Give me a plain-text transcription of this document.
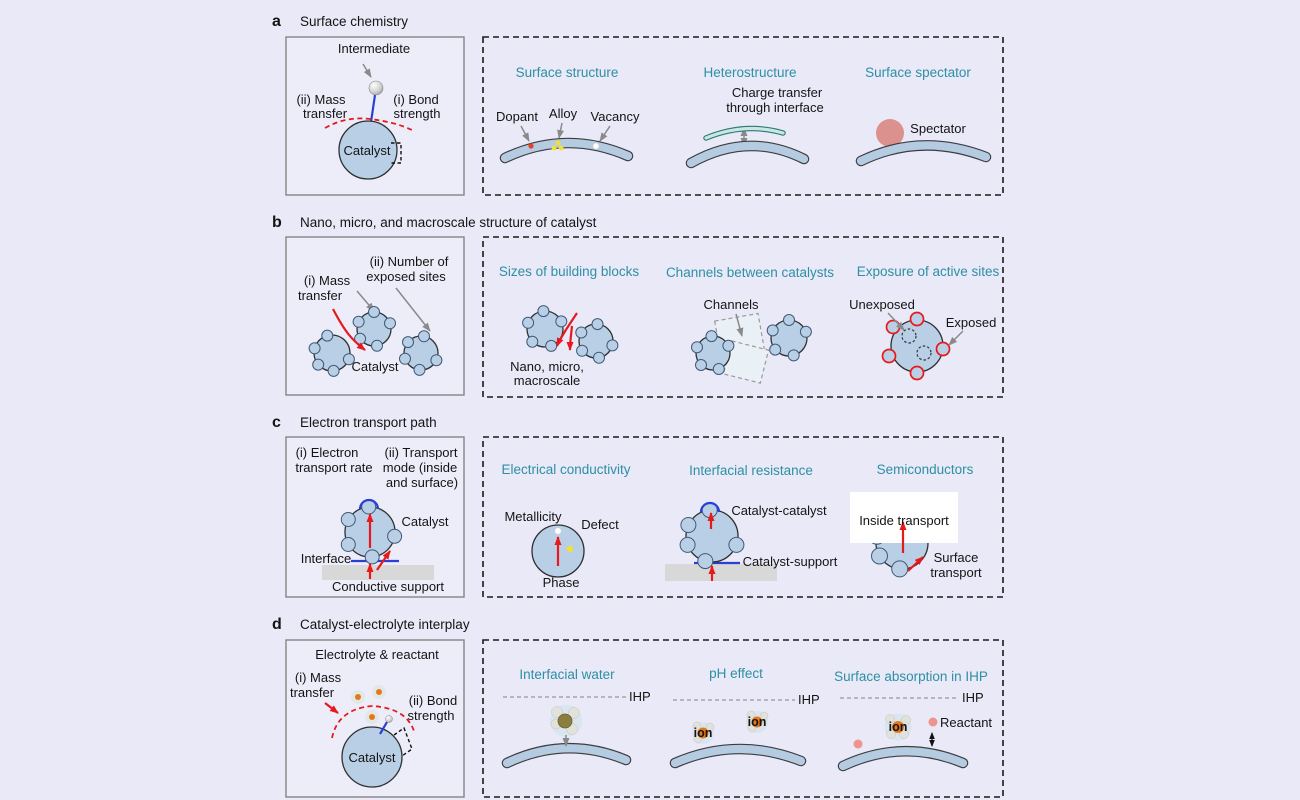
a Surface chemistry
Intermediate
(ii) Mass
transfer
(i) Bond
strength
Catalyst
Surface structure
Dopant Alloy Vacancy
Heterostructure
Charge transfer
through interface
Surface spectator
Spectator
b Nano, micro, and macroscale structure of catalyst
(ii) Number of
exposed sites
(i) Mass
transfer
Catalyst
Sizes of building blocks
Nano, micro,
macroscale
Channels between catalysts
Channels
Exposure of active sites
Unexposed
Exposed
c Electron transport path
(i) Electron
transport rate
(ii) Transport
mode (inside
and surface)
Catalyst
Interface
Conductive support
Electrical conductivity
Metallicity
Defect
Phase
Interfacial resistance
Catalyst-catalyst
Catalyst-support
Semiconductors
Inside transport
Surface
transport
d Catalyst-electrolyte interplay
Electrolyte & reactant
(i) Mass
transfer
(ii) Bond
strength
Catalyst
Interfacial water
IHP
pH effect
IHP
ion
ion
Surface absorption in IHP
IHP
ion	Reactant
